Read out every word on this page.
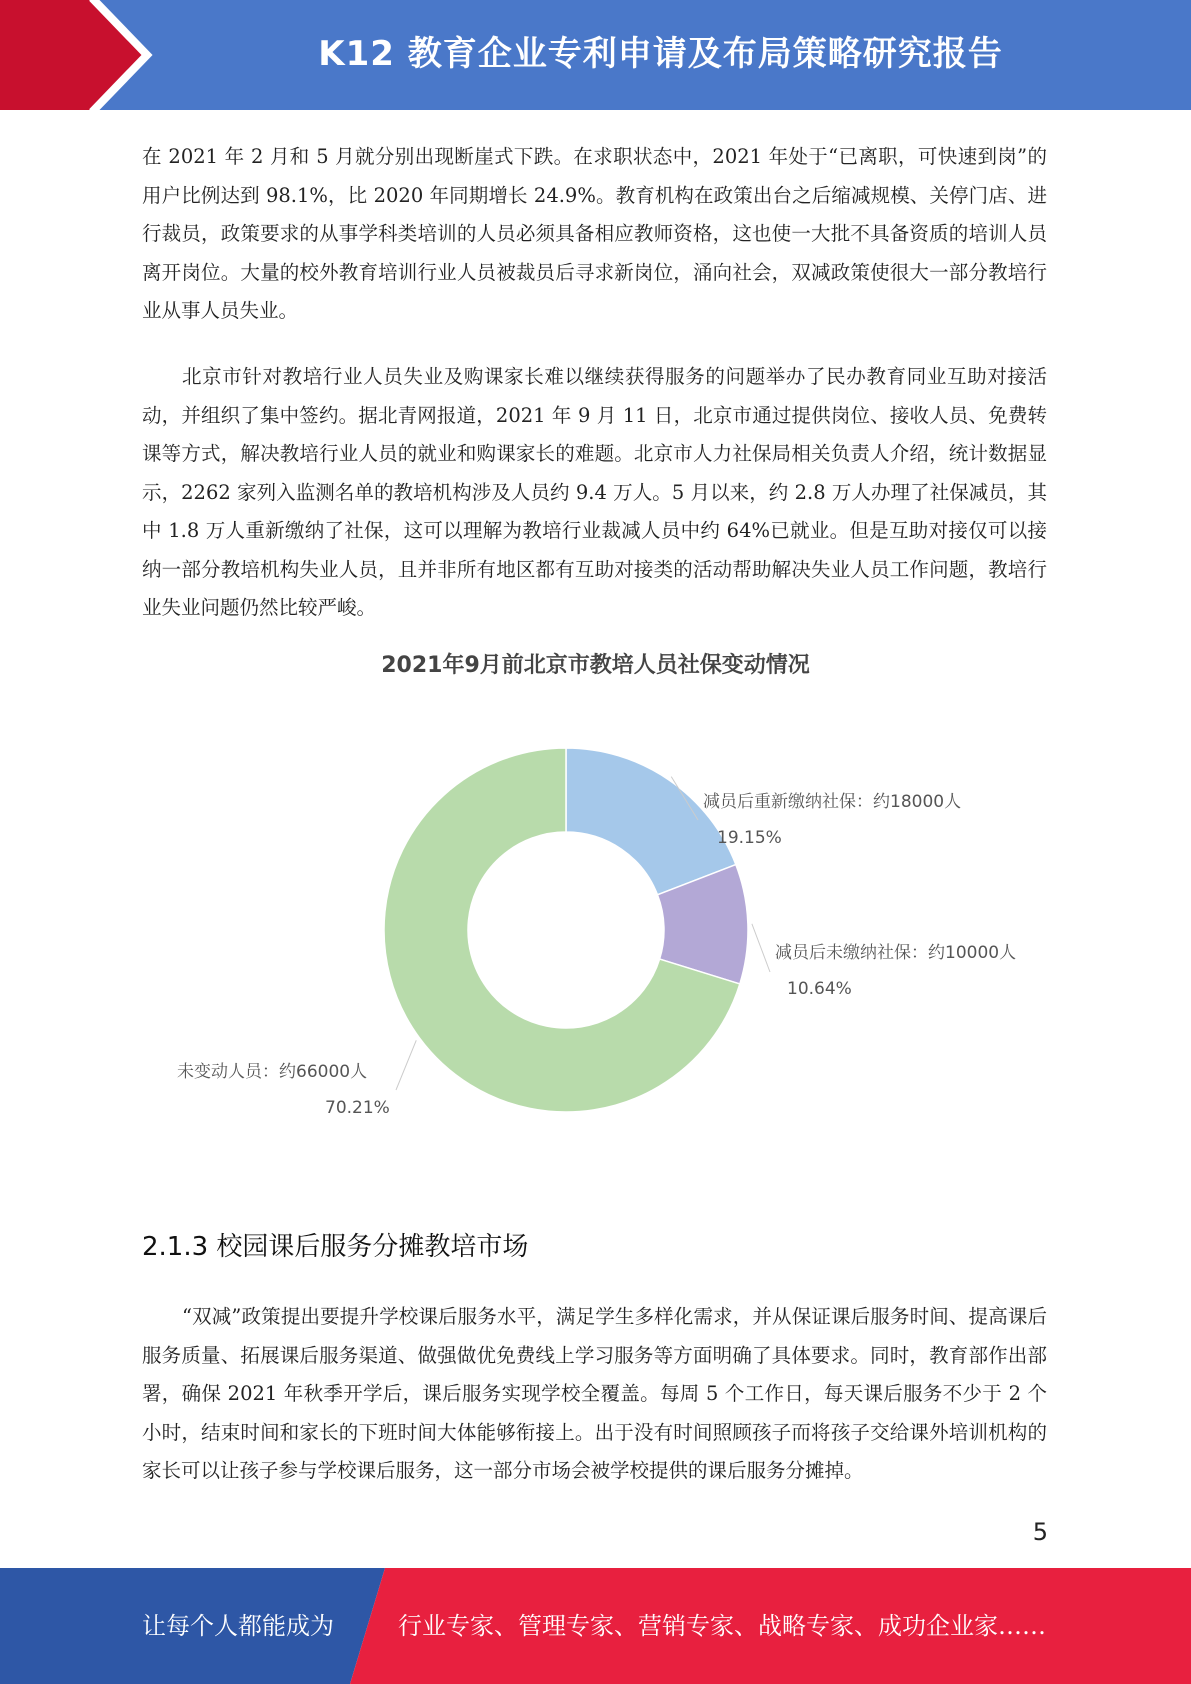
K12 教育企业专利申请及布局策略研究报告

在 2021 年 2 月和 5 月就分别出现断崖式下跌。在求职状态中，2021 年处于“已离职，可快速到岗”的用户比例达到 98.1%，比 2020 年同期增长 24.9%。教育机构在政策出台之后缩减规模、关停门店、进行裁员，政策要求的从事学科类培训的人员必须具备相应教师资格，这也使一大批不具备资质的培训人员离开岗位。大量的校外教育培训行业人员被裁员后寻求新岗位，涌向社会，双减政策使很大一部分教培行业从事人员失业。

北京市针对教培行业人员失业及购课家长难以继续获得服务的问题举办了民办教育同业互助对接活动，并组织了集中签约。据北青网报道，2021 年 9 月 11 日，北京市通过提供岗位、接收人员、免费转课等方式，解决教培行业人员的就业和购课家长的难题。北京市人力社保局相关负责人介绍，统计数据显示，2262 家列入监测名单的教培机构涉及人员约 9.4 万人。5 月以来，约 2.8 万人办理了社保减员，其中 1.8 万人重新缴纳了社保，这可以理解为教培行业裁减人员中约 64%已就业。但是互助对接仅可以接纳一部分教培机构失业人员，且并非所有地区都有互助对接类的活动帮助解决失业人员工作问题，教培行业失业问题仍然比较严峻。

2021年9月前北京市教培人员社保变动情况
减员后重新缴纳社保：约18000人
19.15%
减员后未缴纳社保：约10000人
10.64%
未变动人员：约66000人
70.21%
2.1.3 校园课后服务分摊教培市场

“双减”政策提出要提升学校课后服务水平，满足学生多样化需求，并从保证课后服务时间、提高课后服务质量、拓展课后服务渠道、做强做优免费线上学习服务等方面明确了具体要求。同时，教育部作出部署，确保 2021 年秋季开学后，课后服务实现学校全覆盖。每周 5 个工作日，每天课后服务不少于 2 个小时，结束时间和家长的下班时间大体能够衔接上。出于没有时间照顾孩子而将孩子交给课外培训机构的家长可以让孩子参与学校课后服务，这一部分市场会被学校提供的课后服务分摊掉。

5
让每个人都能成为	行业专家、管理专家、营销专家、战略专家、成功企业家……
